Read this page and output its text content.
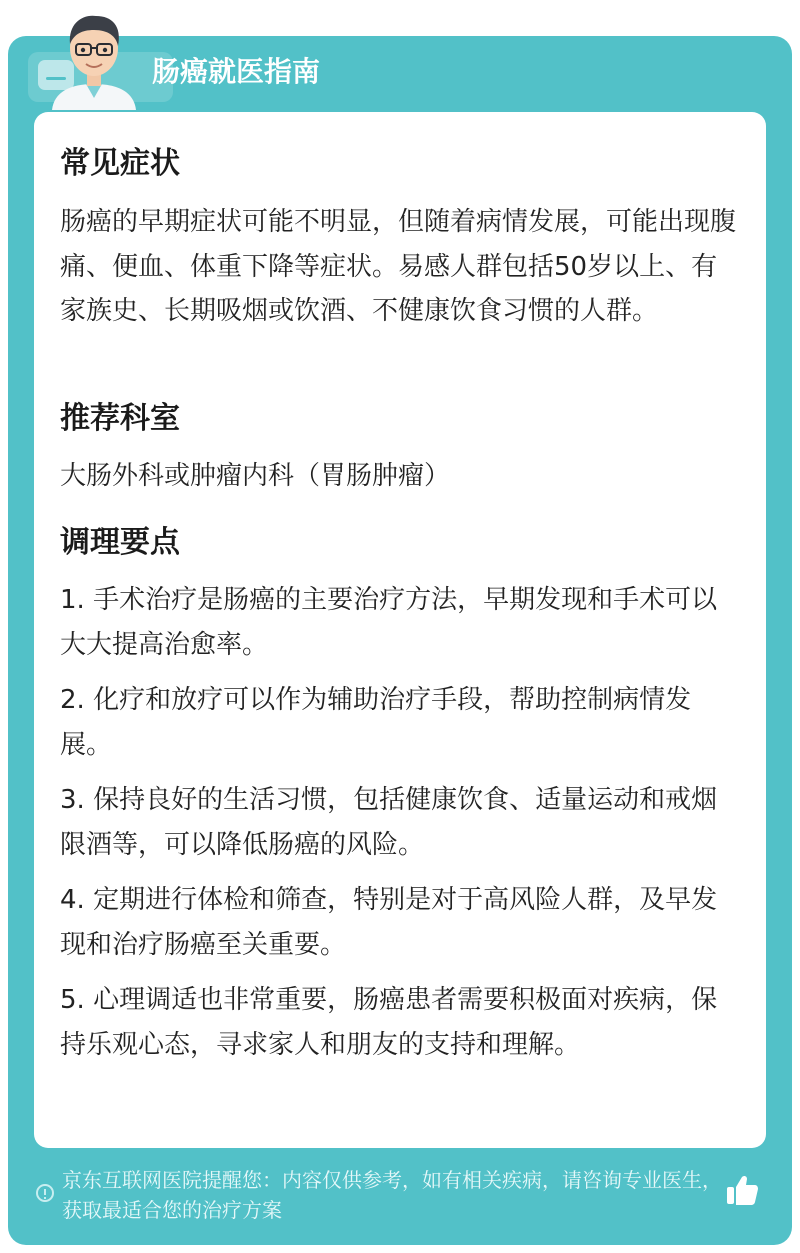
肠癌就医指南
常见症状
肠癌的早期症状可能不明显，但随着病情发展，可能出现腹痛、便血、体重下降等症状。易感人群包括50岁以上、有家族史、长期吸烟或饮酒、不健康饮食习惯的人群。
推荐科室
大肠外科或肿瘤内科（胃肠肿瘤）
调理要点
1. 手术治疗是肠癌的主要治疗方法，早期发现和手术可以大大提高治愈率。
2. 化疗和放疗可以作为辅助治疗手段，帮助控制病情发展。
3. 保持良好的生活习惯，包括健康饮食、适量运动和戒烟限酒等，可以降低肠癌的风险。
4. 定期进行体检和筛查，特别是对于高风险人群，及早发现和治疗肠癌至关重要。
5. 心理调适也非常重要，肠癌患者需要积极面对疾病，保持乐观心态，寻求家人和朋友的支持和理解。
京东互联网医院提醒您：内容仅供参考，如有相关疾病，请咨询专业医生，获取最适合您的治疗方案
